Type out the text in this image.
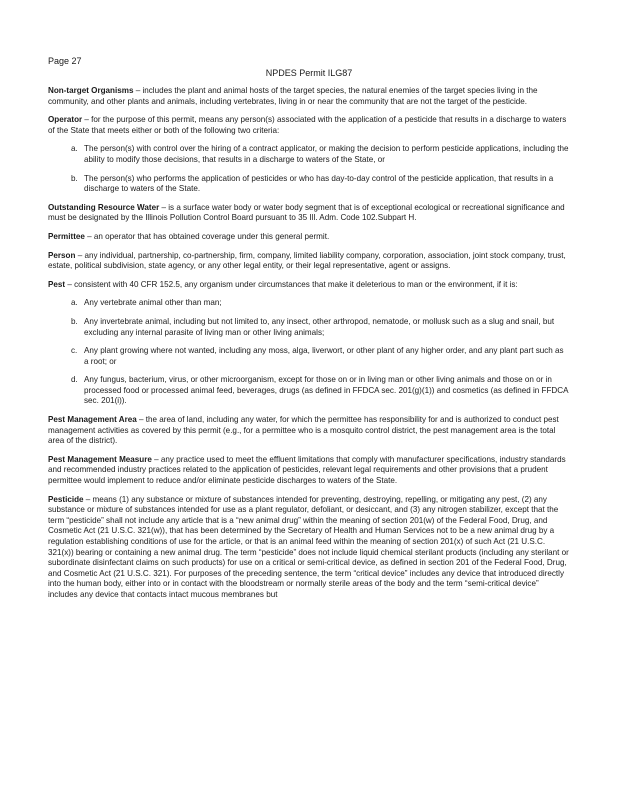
Page 27
NPDES Permit ILG87

Non-target Organisms – includes the plant and animal hosts of the target species, the natural enemies of the target species living in the community, and other plants and animals, including vertebrates, living in or near the community that are not the target of the pesticide.

Operator – for the purpose of this permit, means any person(s) associated with the application of a pesticide that results in a discharge to waters of the State that meets either or both of the following two criteria:

a. The person(s) with control over the hiring of a contract applicator, or making the decision to perform pesticide applications, including the ability to modify those decisions, that results in a discharge to waters of the State, or
b. The person(s) who performs the application of pesticides or who has day-to-day control of the pesticide application, that results in a discharge to waters of the State.

Outstanding Resource Water – is a surface water body or water body segment that is of exceptional ecological or recreational significance and must be designated by the Illinois Pollution Control Board pursuant to 35 Ill. Adm. Code 102.Subpart H.

Permittee – an operator that has obtained coverage under this general permit.

Person – any individual, partnership, co-partnership, firm, company, limited liability company, corporation, association, joint stock company, trust, estate, political subdivision, state agency, or any other legal entity, or their legal representative, agent or assigns.

Pest – consistent with 40 CFR 152.5, any organism under circumstances that make it deleterious to man or the environment, if it is:

a. Any vertebrate animal other than man;
b. Any invertebrate animal, including but not limited to, any insect, other arthropod, nematode, or mollusk such as a slug and snail, but excluding any internal parasite of living man or other living animals;
c. Any plant growing where not wanted, including any moss, alga, liverwort, or other plant of any higher order, and any plant part such as a root; or
d. Any fungus, bacterium, virus, or other microorganism, except for those on or in living man or other living animals and those on or in processed food or processed animal feed, beverages, drugs (as defined in FFDCA sec. 201(g)(1)) and cosmetics (as defined in FFDCA sec. 201(i)).

Pest Management Area – the area of land, including any water, for which the permittee has responsibility for and is authorized to conduct pest management activities as covered by this permit (e.g., for a permittee who is a mosquito control district, the pest management area is the total area of the district).

Pest Management Measure – any practice used to meet the effluent limitations that comply with manufacturer specifications, industry standards and recommended industry practices related to the application of pesticides, relevant legal requirements and other provisions that a prudent permittee would implement to reduce and/or eliminate pesticide discharges to waters of the State.

Pesticide – means (1) any substance or mixture of substances intended for preventing, destroying, repelling, or mitigating any pest, (2) any substance or mixture of substances intended for use as a plant regulator, defoliant, or desiccant, and (3) any nitrogen stabilizer, except that the term “pesticide” shall not include any article that is a “new animal drug” within the meaning of section 201(w) of the Federal Food, Drug, and Cosmetic Act (21 U.S.C. 321(w)), that has been determined by the Secretary of Health and Human Services not to be a new animal drug by a regulation establishing conditions of use for the article, or that is an animal feed within the meaning of section 201(x) of such Act (21 U.S.C. 321(x)) bearing or containing a new animal drug. The term “pesticide” does not include liquid chemical sterilant products (including any sterilant or subordinate disinfectant claims on such products) for use on a critical or semi-critical device, as defined in section 201 of the Federal Food, Drug, and Cosmetic Act (21 U.S.C. 321). For purposes of the preceding sentence, the term “critical device” includes any device that introduced directly into the human body, either into or in contact with the bloodstream or normally sterile areas of the body and the term “semi-critical device” includes any device that contacts intact mucous membranes but
